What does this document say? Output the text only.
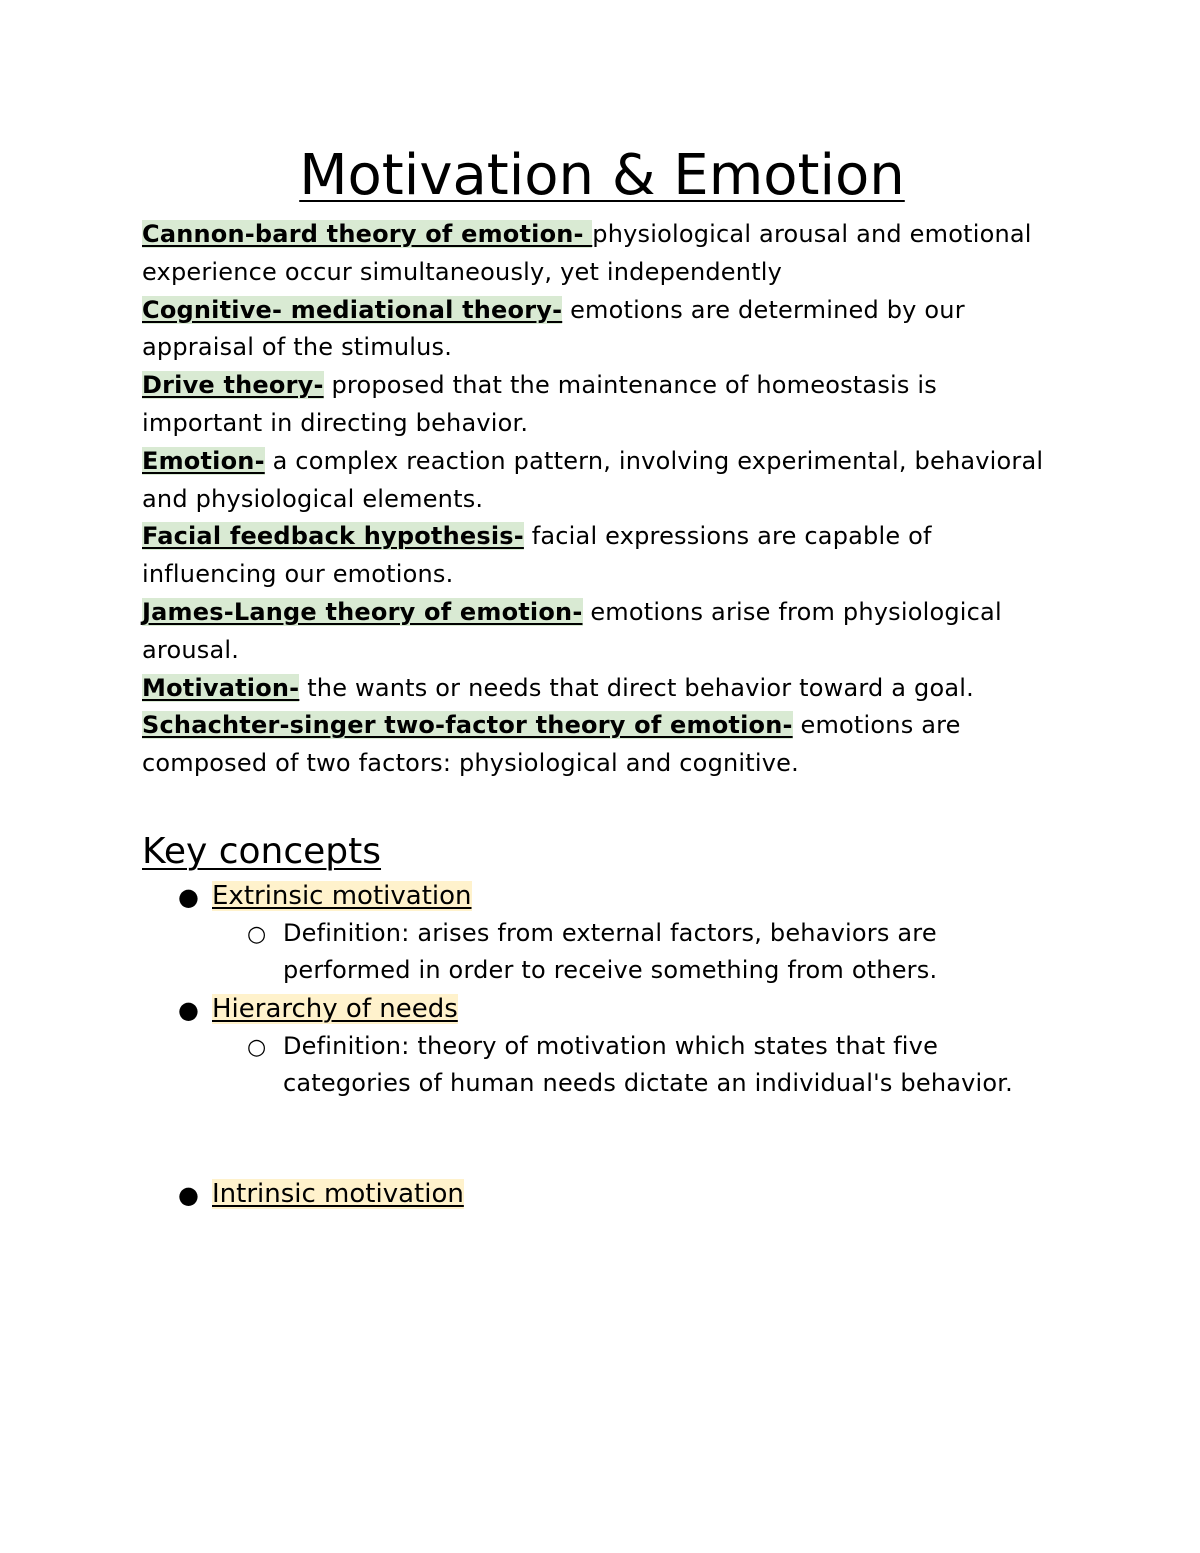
Motivation & Emotion

Cannon-bard theory of emotion- physiological arousal and emotional experience occur simultaneously, yet independently

Cognitive- mediational theory- emotions are determined by our appraisal of the stimulus.

Drive theory- proposed that the maintenance of homeostasis is important in directing behavior.

Emotion- a complex reaction pattern, involving experimental, behavioral and physiological elements.

Facial feedback hypothesis- facial expressions are capable of influencing our emotions.

James-Lange theory of emotion- emotions arise from physiological arousal.

Motivation- the wants or needs that direct behavior toward a goal.

Schachter-singer two-factor theory of emotion- emotions are composed of two factors: physiological and cognitive.

Key concepts
● Extrinsic motivation
○ Definition: arises from external factors, behaviors are performed in order to receive something from others.
● Hierarchy of needs
○ Definition: theory of motivation which states that five categories of human needs dictate an individual's behavior.
● Intrinsic motivation
